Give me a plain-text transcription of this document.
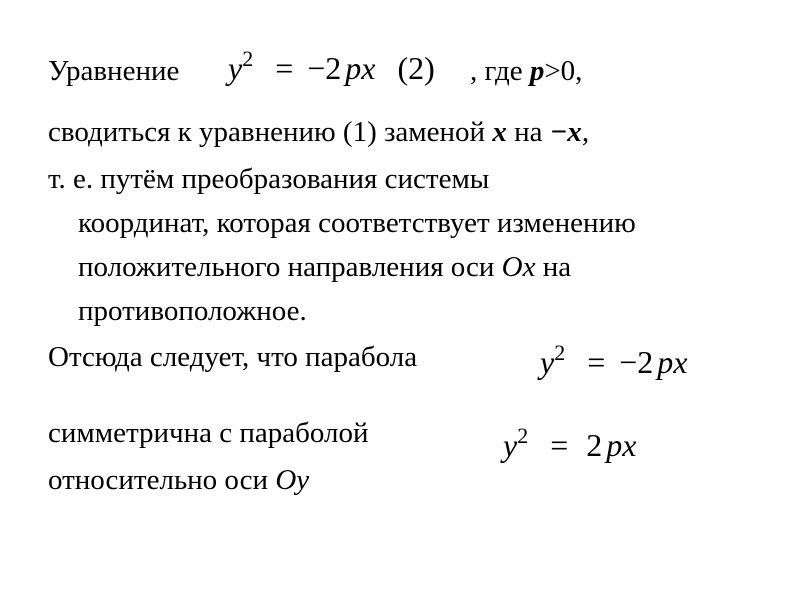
Уравнение $y^2 = -2$ px (2) , где p>0,
сводиться к уравнению (1) заменой x на −x,
т. е. путём преобразования системы
координат, которая соответствует изменению
положительного направления оси Ox на
противоположное.
Отсюда следует, что парабола	$y^2 = -2$ px
симметрична с параболой	$y^2 = 2$ px
относительно оси Oy
